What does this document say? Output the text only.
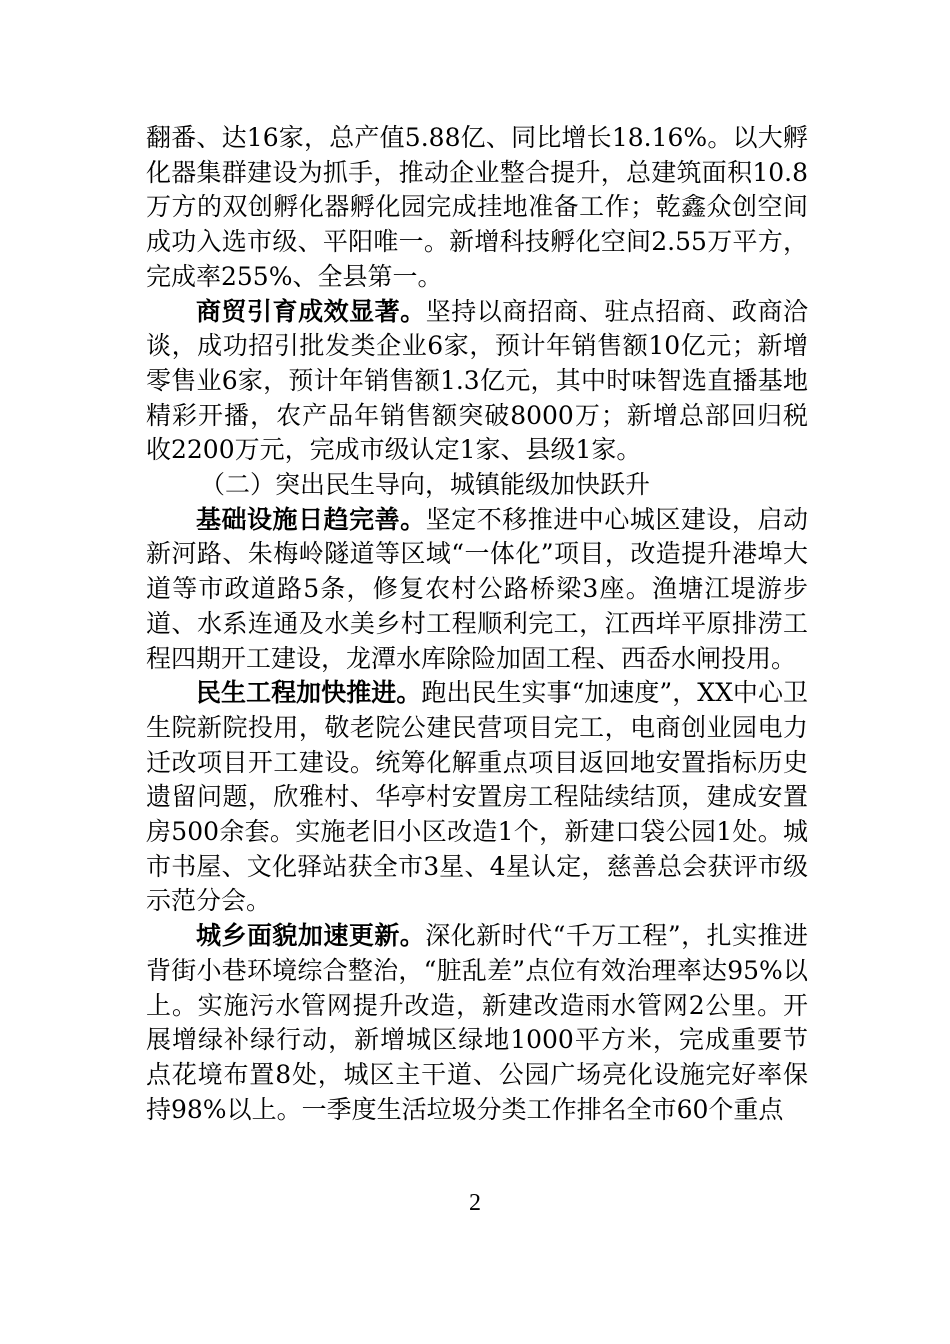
翻番、达16家，总产值5.88亿、同比增长18.16%。以大孵化器集群建设为抓手，推动企业整合提升，总建筑面积10.8万方的双创孵化器孵化园完成挂地准备工作；乾鑫众创空间成功入选市级、平阳唯一。新增科技孵化空间2.55万平方，完成率255%、全县第一。

商贸引育成效显著。坚持以商招商、驻点招商、政商洽谈，成功招引批发类企业6家，预计年销售额10亿元；新增零售业6家，预计年销售额1.3亿元，其中时味智选直播基地精彩开播，农产品年销售额突破8000万；新增总部回归税收2200万元，完成市级认定1家、县级1家。

（二）突出民生导向，城镇能级加快跃升

基础设施日趋完善。坚定不移推进中心城区建设，启动新河路、朱梅岭隧道等区域“一体化”项目，改造提升港埠大道等市政道路5条，修复农村公路桥梁3座。渔塘江堤游步道、水系连通及水美乡村工程顺利完工，江西垟平原排涝工程四期开工建设，龙潭水库除险加固工程、西岙水闸投用。

民生工程加快推进。跑出民生实事“加速度”，XX中心卫生院新院投用，敬老院公建民营项目完工，电商创业园电力迁改项目开工建设。统筹化解重点项目返回地安置指标历史遗留问题，欣雅村、华亭村安置房工程陆续结顶，建成安置房500余套。实施老旧小区改造1个，新建口袋公园1处。城市书屋、文化驿站获全市3星、4星认定，慈善总会获评市级示范分会。

城乡面貌加速更新。深化新时代“千万工程”，扎实推进背街小巷环境综合整治，“脏乱差”点位有效治理率达95%以上。实施污水管网提升改造，新建改造雨水管网2公里。开展增绿补绿行动，新增城区绿地1000平方米，完成重要节点花境布置8处，城区主干道、公园广场亮化设施完好率保持98%以上。一季度生活垃圾分类工作排名全市60个重点

2
